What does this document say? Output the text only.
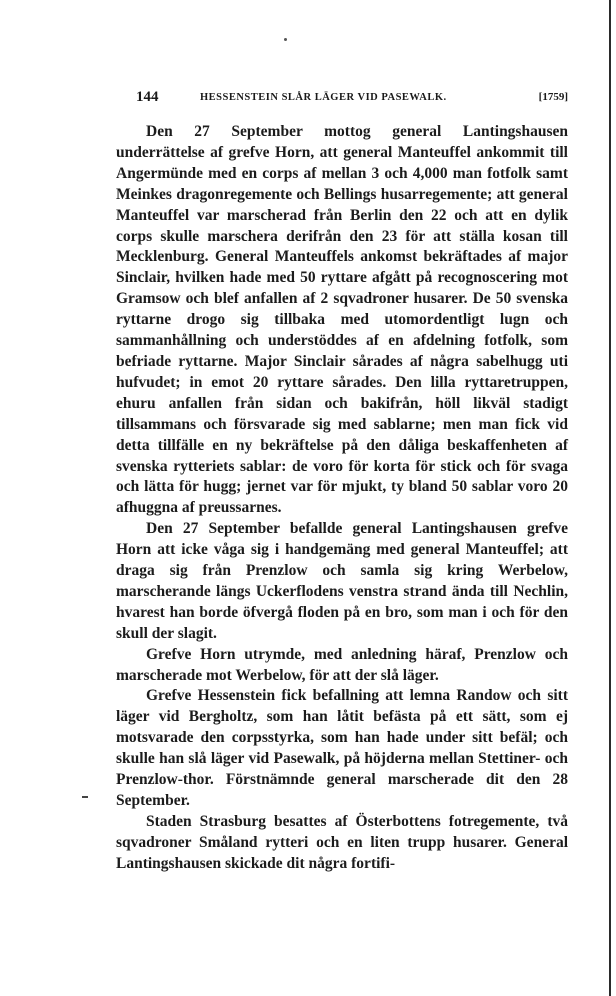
144	HESSENSTEIN SLÅR LÄGER VID PASEWALK.	[1759]

Den 27 September mottog general Lantingshausen underrättelse af grefve Horn, att general Manteuffel ankommit till Angermünde med en corps af mellan 3 och 4,000 man fotfolk samt Meinkes dragonregemente och Bellings husarregemente; att general Manteuffel var marscherad från Berlin den 22 och att en dylik corps skulle marschera derifrån den 23 för att ställa kosan till Mecklenburg. General Manteuffels ankomst bekräftades af major Sinclair, hvilken hade med 50 ryttare afgått på recognoscering mot Gramsow och blef anfallen af 2 sqvadroner husarer. De 50 svenska ryttarne drogo sig tillbaka med utomordentligt lugn och sammanhållning och understöddes af en afdelning fotfolk, som befriade ryttarne. Major Sinclair sårades af några sabelhugg uti hufvudet; in emot 20 ryttare sårades. Den lilla ryttaretruppen, ehuru anfallen från sidan och bakifrån, höll likväl stadigt tillsammans och försvarade sig med sablarne; men man fick vid detta tillfälle en ny bekräftelse på den dåliga beskaffenheten af svenska rytteriets sablar: de voro för korta för stick och för svaga och lätta för hugg; jernet var för mjukt, ty bland 50 sablar voro 20 afhuggna af preussarnes.

Den 27 September befallde general Lantingshausen grefve Horn att icke våga sig i handgemäng med general Manteuffel; att draga sig från Prenzlow och samla sig kring Werbelow, marscherande längs Uckerflodens venstra strand ända till Nechlin, hvarest han borde öfvergå floden på en bro, som man i och för den skull der slagit.

Grefve Horn utrymde, med anledning häraf, Prenzlow och marscherade mot Werbelow, för att der slå läger.

Grefve Hessenstein fick befallning att lemna Randow och sitt läger vid Bergholtz, som han låtit befästa på ett sätt, som ej motsvarade den corpsstyrka, som han hade under sitt befäl; och skulle han slå läger vid Pasewalk, på höjderna mellan Stettiner- och Prenzlow-thor. Förstnämnde general marscherade dit den 28 September.

Staden Strasburg besattes af Österbottens fotregemente, två sqvadroner Småland rytteri och en liten trupp husarer. General Lantingshausen skickade dit några fortifi-
